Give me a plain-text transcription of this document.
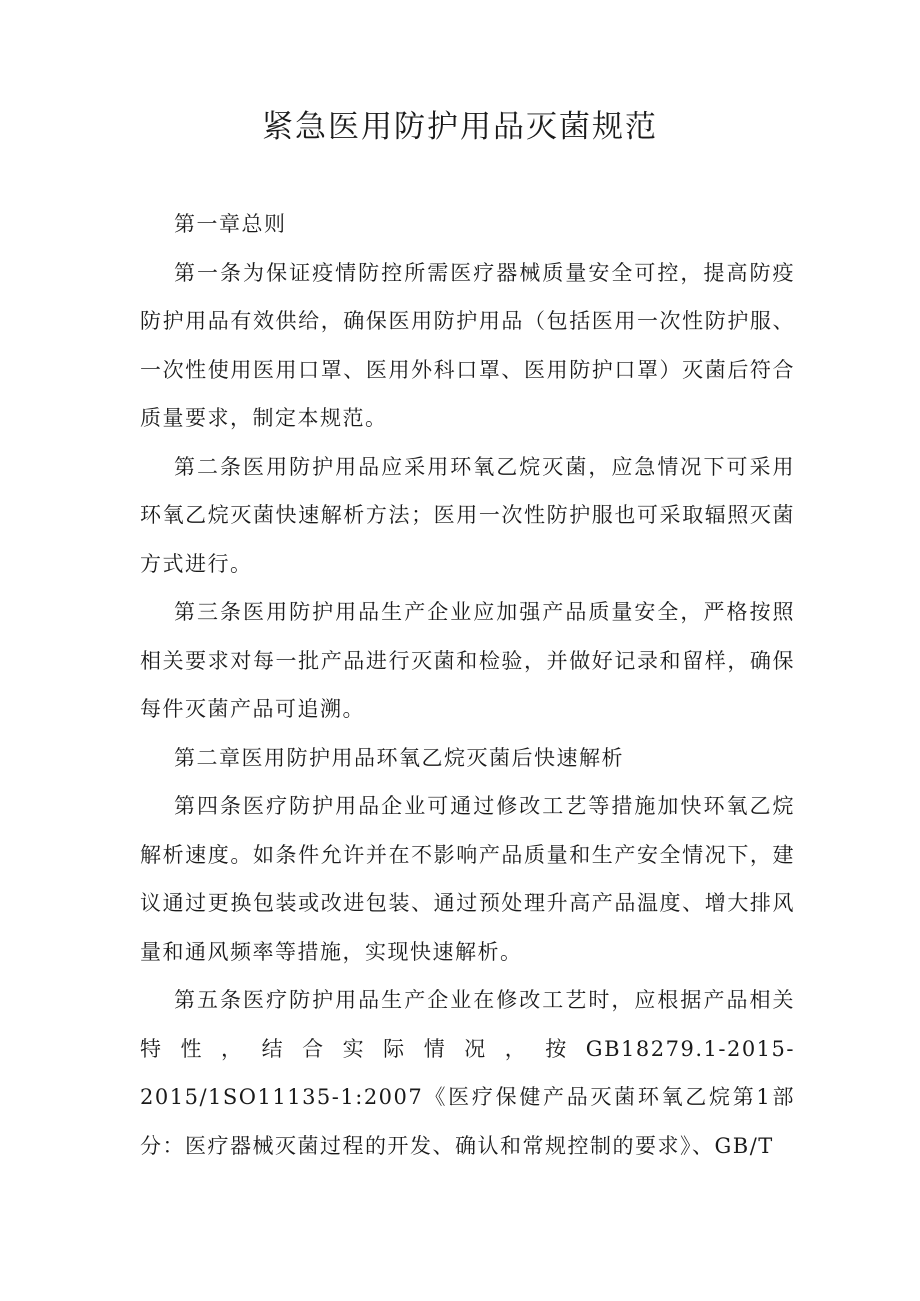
紧急医用防护用品灭菌规范

第一章总则

第一条为保证疫情防控所需医疗器械质量安全可控，提高防疫防护用品有效供给，确保医用防护用品（包括医用一次性防护服、一次性使用医用口罩、医用外科口罩、医用防护口罩）灭菌后符合质量要求，制定本规范。

第二条医用防护用品应采用环氧乙烷灭菌，应急情况下可采用环氧乙烷灭菌快速解析方法；医用一次性防护服也可采取辐照灭菌方式进行。

第三条医用防护用品生产企业应加强产品质量安全，严格按照相关要求对每一批产品进行灭菌和检验，并做好记录和留样，确保每件灭菌产品可追溯。

第二章医用防护用品环氧乙烷灭菌后快速解析

第四条医疗防护用品企业可通过修改工艺等措施加快环氧乙烷解析速度。如条件允许并在不影响产品质量和生产安全情况下，建议通过更换包装或改进包装、通过预处理升高产品温度、增大排风量和通风频率等措施，实现快速解析。

第五条医疗防护用品生产企业在修改工艺时，应根据产品相关特性，结合实际情况，按GB18279.1-2015-2015/1SO11135-1:2007《医疗保健产品灭菌环氧乙烷第1部分：医疗器械灭菌过程的开发、确认和常规控制的要求》、GB/T
